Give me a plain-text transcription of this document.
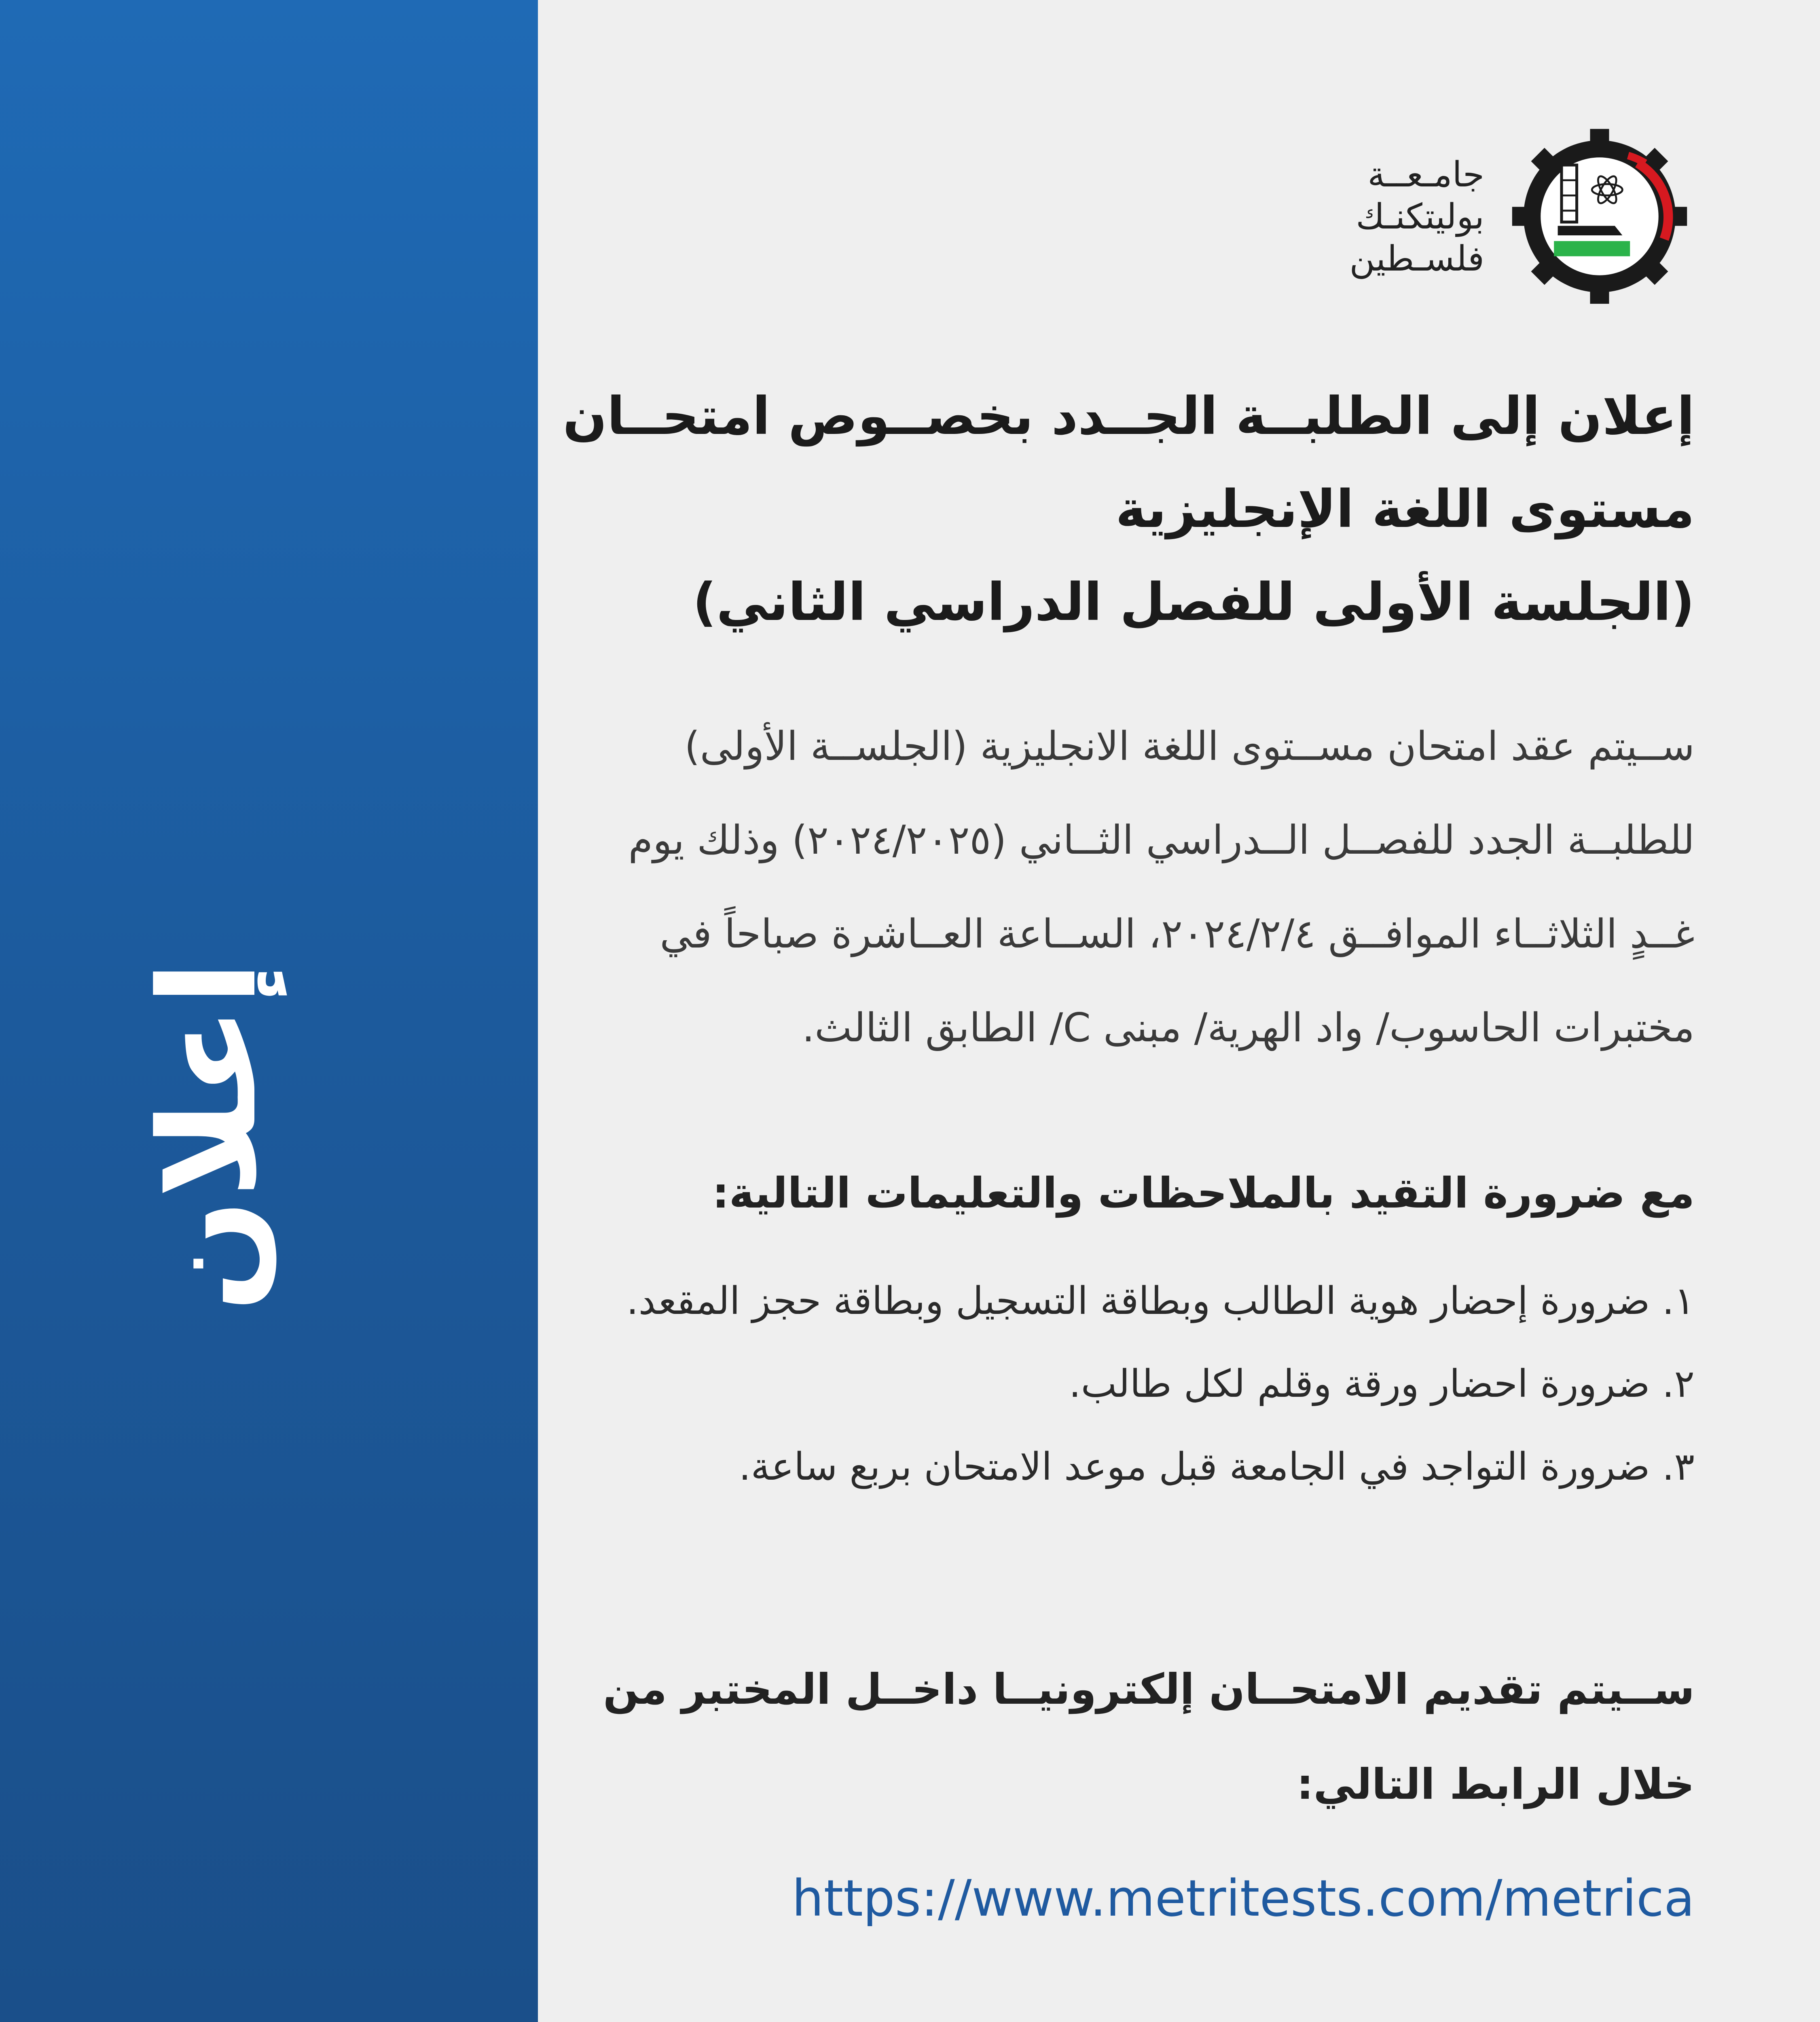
إعلان
جامـعــة
بوليتكنـك
فلسـطين
إعلان إلى الطلبــة الجــدد بخصــوص امتحــان
مستوى اللغة الإنجليزية
(الجلسة الأولى للفصل الدراسي الثاني)
ســيتم عقد امتحان مســتوى اللغة الانجليزية (الجلســة الأولى)
للطلبــة الجدد للفصــل الــدراسي الثــاني (٢٠٢٤/٢٠٢٥) وذلك يوم
غــدٍ الثلاثــاء الموافــق ٢٠٢٤/٢/٤، الســاعة العــاشرة صباحاً في
مختبرات الحاسوب/ واد الهرية/ مبنى C/ الطابق الثالث.
مع ضرورة التقيد بالملاحظات والتعليمات التالية:
١. ضرورة إحضار هوية الطالب وبطاقة التسجيل وبطاقة حجز المقعد.
٢. ضرورة احضار ورقة وقلم لكل طالب.
٣. ضرورة التواجد في الجامعة قبل موعد الامتحان بربع ساعة.
ســيتم تقديم الامتحــان إلكترونيــا داخــل المختبر من
خلال الرابط التالي:
https://www.metritests.com/metrica
